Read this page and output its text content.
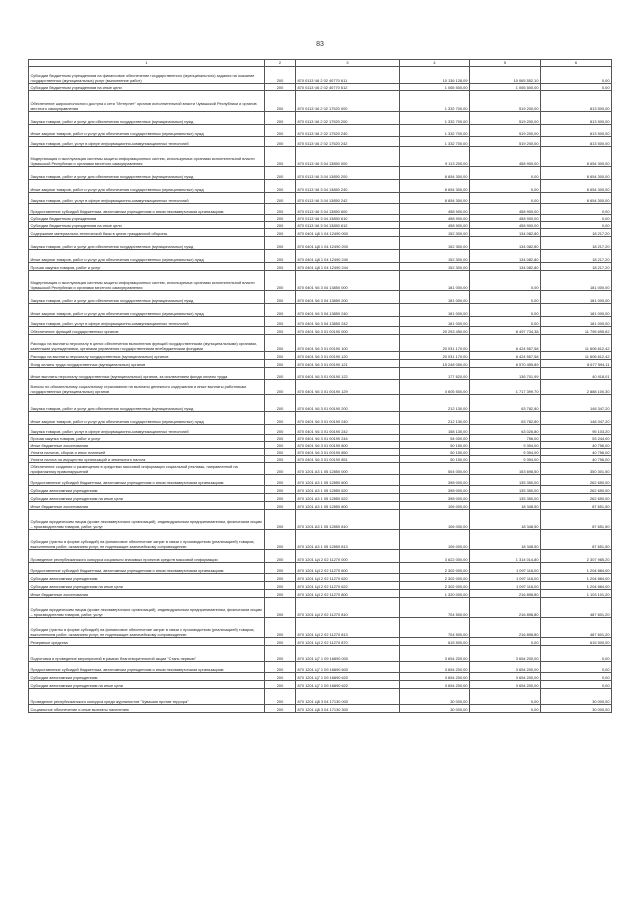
83
1	2	3	4	5	6
Субсидии бюджетным учреждениям на финансовое обеспечение государственного (муниципального) задания на оказание государственных (муниципальных) услуг (выполнение работ)	200	870 0113 Ч6 2 02 40770 611	10 136 128,09	10 065 552,10	0,00
Субсидии бюджетным учреждениям на иные цели	200	870 0113 Ч6 2 02 40770 612	1 065 500,00	1 065 500,00	0,00
Обеспечение широкополосного доступа к сети "Интернет" органов исполнительной власти Чувашской Республики и органов местного самоуправления	200	870 0113 Ч6 2 02 17520 000	1 332 700,00	519 200,00	813 500,00
Закупка товаров, работ и услуг для обеспечения государственных (муниципальных) нужд	200	870 0113 Ч6 2 02 17520 200	1 332 700,00	519 200,00	813 500,00
Иные закупки товаров, работ и услуг для обеспечения государственных (муниципальных) нужд	200	870 0113 Ч6 2 02 17520 240	1 332 700,00	519 200,00	813 500,00
Закупка товаров, работ, услуг в сфере информационно-коммуникационных технологий	200	870 0113 Ч6 2 02 17520 242	1 332 700,00	519 200,00	813 500,00
Модернизация и эксплуатация системы защиты информационных систем, используемых органами исполнительной власти Чувашской Республики и органами местного самоуправления	200	870 0113 Ч6 3 04 13850 000	9 113 200,00	458 900,00	8 654 300,00
Закупка товаров, работ и услуг для обеспечения государственных (муниципальных) нужд	200	870 0113 Ч6 3 04 13850 200	8 654 300,00	0,00	8 654 300,00
Иные закупки товаров, работ и услуг для обеспечения государственных (муниципальных) нужд	200	870 0113 Ч6 3 04 13850 240	8 654 300,00	0,00	8 654 300,00
Закупка товаров, работ, услуг в сфере информационно-коммуникационных технологий	200	870 0113 Ч6 3 04 13850 242	8 654 300,00	0,00	8 654 300,00
Предоставление субсидий бюджетным, автономным учреждениям и иным некоммерческим организациям	200	870 0113 Ч6 3 04 13850 600	458 900,00	458 900,00	0,00
Субсидии бюджетным учреждениям	200	870 0113 Ч6 3 04 13850 610	458 900,00	458 900,00	0,00
Субсидии бюджетным учреждениям на иные цели	200	870 0113 Ч6 3 04 13850 612	458 900,00	458 900,00	0,00
Содержание материально-технической базы в целях гражданской обороны	200	870 0401 Ц8 1 04 12490 000	152 300,00	134 082,80	18 217,20
Закупка товаров, работ и услуг для обеспечения государственных (муниципальных) нужд	200	870 0401 Ц8 1 04 12490 200	152 300,00	134 082,80	18 217,20
Иные закупки товаров, работ и услуг для обеспечения государственных (муниципальных) нужд	200	870 0401 Ц8 1 04 12490 240	152 300,00	134 082,80	18 217,20
Прочая закупка товаров, работ и услуг	200	870 0401 Ц8 1 04 12490 244	152 300,00	134 082,80	18 217,20
Модернизация и эксплуатация системы защиты информационных систем, используемых органами исполнительной власти Чувашской Республики и органами местного самоуправления	200	870 0401 Ч6 3 04 13850 000	181 000,00	0,00	181 000,00
Закупка товаров, работ и услуг для обеспечения государственных (муниципальных) нужд	200	870 0401 Ч6 3 04 13850 200	181 000,00	0,00	181 000,00
Иные закупки товаров, работ и услуг для обеспечения государственных (муниципальных) нужд	200	870 0401 Ч6 3 04 13850 240	181 000,00	0,00	181 000,00
Закупка товаров, работ, услуг в сфере информационно-коммуникационных технологий	200	870 0401 Ч6 3 04 13850 242	181 000,00	0,00	181 000,00
Обеспечение функций государственных органов	200	870 0401 Ч6 3 01 00190 000	20 293 450,00	8 497 734,38	11 795 695,62
Расходы на выплаты персоналу в целях обеспечения выполнения функций государственными (муниципальными) органами, казенными учреждениями, органами управления государственными внебюджетными фондами	200	870 0401 Ч6 3 01 00190 100	20 031 170,00	8 424 557,58	11 606 612,42
Расходы на выплаты персоналу государственных (муниципальных) органов	200	870 0401 Ч6 3 01 00190 120	20 031 170,00	8 424 557,58	11 606 612,42
Фонд оплаты труда государственных (муниципальных) органов	200	870 0401 Ч6 3 01 00190 121	15 248 050,00	6 570 455,89	8 677 594,11
Иные выплаты персоналу государственных (муниципальных) органов, за исключением фонда оплаты труда	200	870 0401 Ч6 3 01 00190 122	177 620,00	136 701,99	40 918,01
Взносы по обязательному социальному страхованию на выплаты денежного содержания и иные выплаты работникам государственных (муниципальных) органов	200	870 0401 Ч6 3 01 00190 129	4 605 500,00	1 717 399,70	2 888 100,30
Закупка товаров, работ и услуг для обеспечения государственных (муниципальных) нужд	200	870 0401 Ч6 3 01 00190 200	212 130,00	63 782,80	148 347,20
Иные закупки товаров, работ и услуг для обеспечения государственных (муниципальных) нужд	200	870 0401 Ч6 3 01 00190 240	212 130,00	63 782,80	148 347,20
Закупка товаров, работ, услуг в сфере информационно-коммуникационных технологий	200	870 0401 Ч6 3 01 00190 242	158 130,00	63 026,80	95 103,20
Прочая закупка товаров, работ и услуг	200	870 0401 Ч6 3 01 00190 244	54 000,00	756,00	53 244,00
Иные бюджетные ассигнования	200	870 0401 Ч6 3 01 00190 800	50 150,00	9 394,00	40 756,00
Уплата налогов, сборов и иных платежей	200	870 0401 Ч6 3 01 00190 850	50 150,00	9 394,00	40 756,00
Уплата налога на имущество организаций и земельного налога	200	870 0401 Ч6 3 01 00190 851	50 150,00	9 394,00	40 756,00
Обеспечение создания и размещения в средствах массовой информации социальной рекламы, направленной на профилактику правонарушений	200	870 1201 А3 1 05 12850 000	504 000,00	153 698,50	350 301,50
Предоставление субсидий бюджетным, автономным учреждениям и иным некоммерческим организациям	200	870 1201 А3 1 05 12850 600	398 000,00	135 350,00	262 650,00
Субсидии автономным учреждениям	200	870 1201 А3 1 05 12850 620	398 000,00	135 350,00	262 650,00
Субсидии автономным учреждениям на иные цели	200	870 1201 А3 1 05 12850 622	398 000,00	135 350,00	262 650,00
Иные бюджетные ассигнования	200	870 1201 А3 1 05 12850 800	106 000,00	18 348,50	87 651,50
Субсидии юридическим лицам (кроме некоммерческих организаций), индивидуальным предпринимателям, физическим лицам – производителям товаров, работ, услуг	200	870 1201 А3 1 05 12850 810	106 000,00	18 348,50	87 651,50
Субсидии (гранты в форме субсидий) на финансовое обеспечение затрат в связи с производством (реализацией) товаров, выполнением работ, оказанием услуг, не подлежащие казначейскому сопровождению	200	870 1201 А3 1 05 12850 813	106 000,00	18 348,50	87 651,50
Проведение республиканского конкурса социально значимых проектов средств массовой информации	200	870 1201 Ц4 2 02 11270 000	3 622 000,00	1 314 014,80	2 307 985,20
Предоставление субсидий бюджетным, автономным учреждениям и иным некоммерческим организациям	200	870 1201 Ц4 2 02 11270 600	2 302 000,00	1 097 116,00	1 204 884,00
Субсидии автономным учреждениям	200	870 1201 Ц4 2 02 11270 620	2 302 000,00	1 097 116,00	1 204 884,00
Субсидии автономным учреждениям на иные цели	200	870 1201 Ц4 2 02 11270 622	2 302 000,00	1 097 116,00	1 204 884,00
Иные бюджетные ассигнования	200	870 1201 Ц4 2 02 11270 800	1 320 000,00	216 898,80	1 103 101,20
Субсидии юридическим лицам (кроме некоммерческих организаций), индивидуальным предпринимателям, физическим лицам – производителям товаров, работ, услуг	200	870 1201 Ц4 2 02 11270 810	704 500,00	216 898,80	487 601,20
Субсидии (гранты в форме субсидий) на финансовое обеспечение затрат в связи с производством (реализацией) товаров, выполнением работ, оказанием услуг, не подлежащие казначейскому сопровождению	200	870 1201 Ц4 2 02 11270 813	704 500,00	216 898,80	487 601,20
Резервные средства	200	870 1201 Ц4 2 02 11270 870	615 500,00	0,00	615 500,00
Подготовка и проведение мероприятий в рамках благотворительной акции "Стань первым"	200	870 1201 Ц7 1 09 16890 000	3 654 200,00	3 654 200,00	0,00
Предоставление субсидий бюджетным, автономным учреждениям и иным некоммерческим организациям	200	870 1201 Ц7 1 09 16890 600	3 654 200,00	3 654 200,00	0,00
Субсидии автономным учреждениям	200	870 1201 Ц7 1 09 16890 620	3 654 200,00	3 654 200,00	0,00
Субсидии автономным учреждениям на иные цели	200	870 1201 Ц7 1 09 16890 622	3 654 200,00	3 654 200,00	0,00
Проведение республиканского конкурса среди журналистов "Чувашия против террора"	200	870 1201 Ц8 3 04 17130 000	30 000,00	0,00	30 000,00
Социальное обеспечение и иные выплаты населению	200	870 1201 Ц8 3 04 17130 300	30 000,00	0,00	30 000,00
